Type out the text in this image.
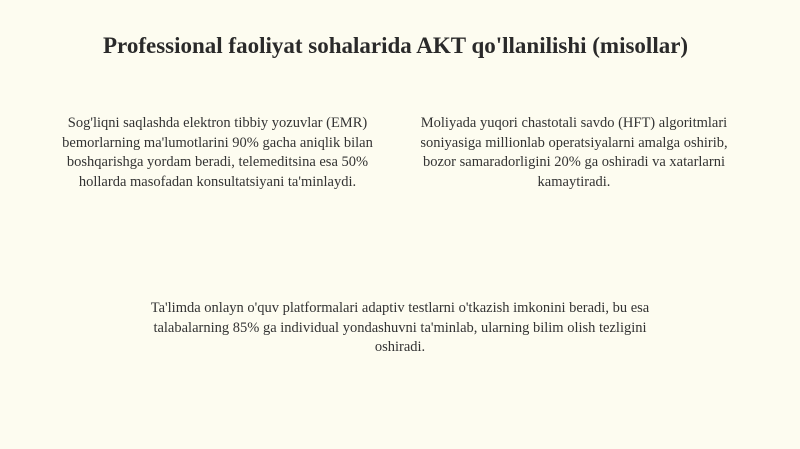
Professional faoliyat sohalarida AKT qo'llanilishi (misollar)

Sog'liqni saqlashda elektron tibbiy yozuvlar (EMR) bemorlarning ma'lumotlarini 90% gacha aniqlik bilan boshqarishga yordam beradi, telemeditsina esa 50% hollarda masofadan konsultatsiyani ta'minlaydi.

Moliyada yuqori chastotali savdo (HFT) algoritmlari soniyasiga millionlab operatsiyalarni amalga oshirib, bozor samaradorligini 20% ga oshiradi va xatarlarni kamaytiradi.

Ta'limda onlayn o'quv platformalari adaptiv testlarni o'tkazish imkonini beradi, bu esa talabalarning 85% ga individual yondashuvni ta'minlab, ularning bilim olish tezligini oshiradi.
